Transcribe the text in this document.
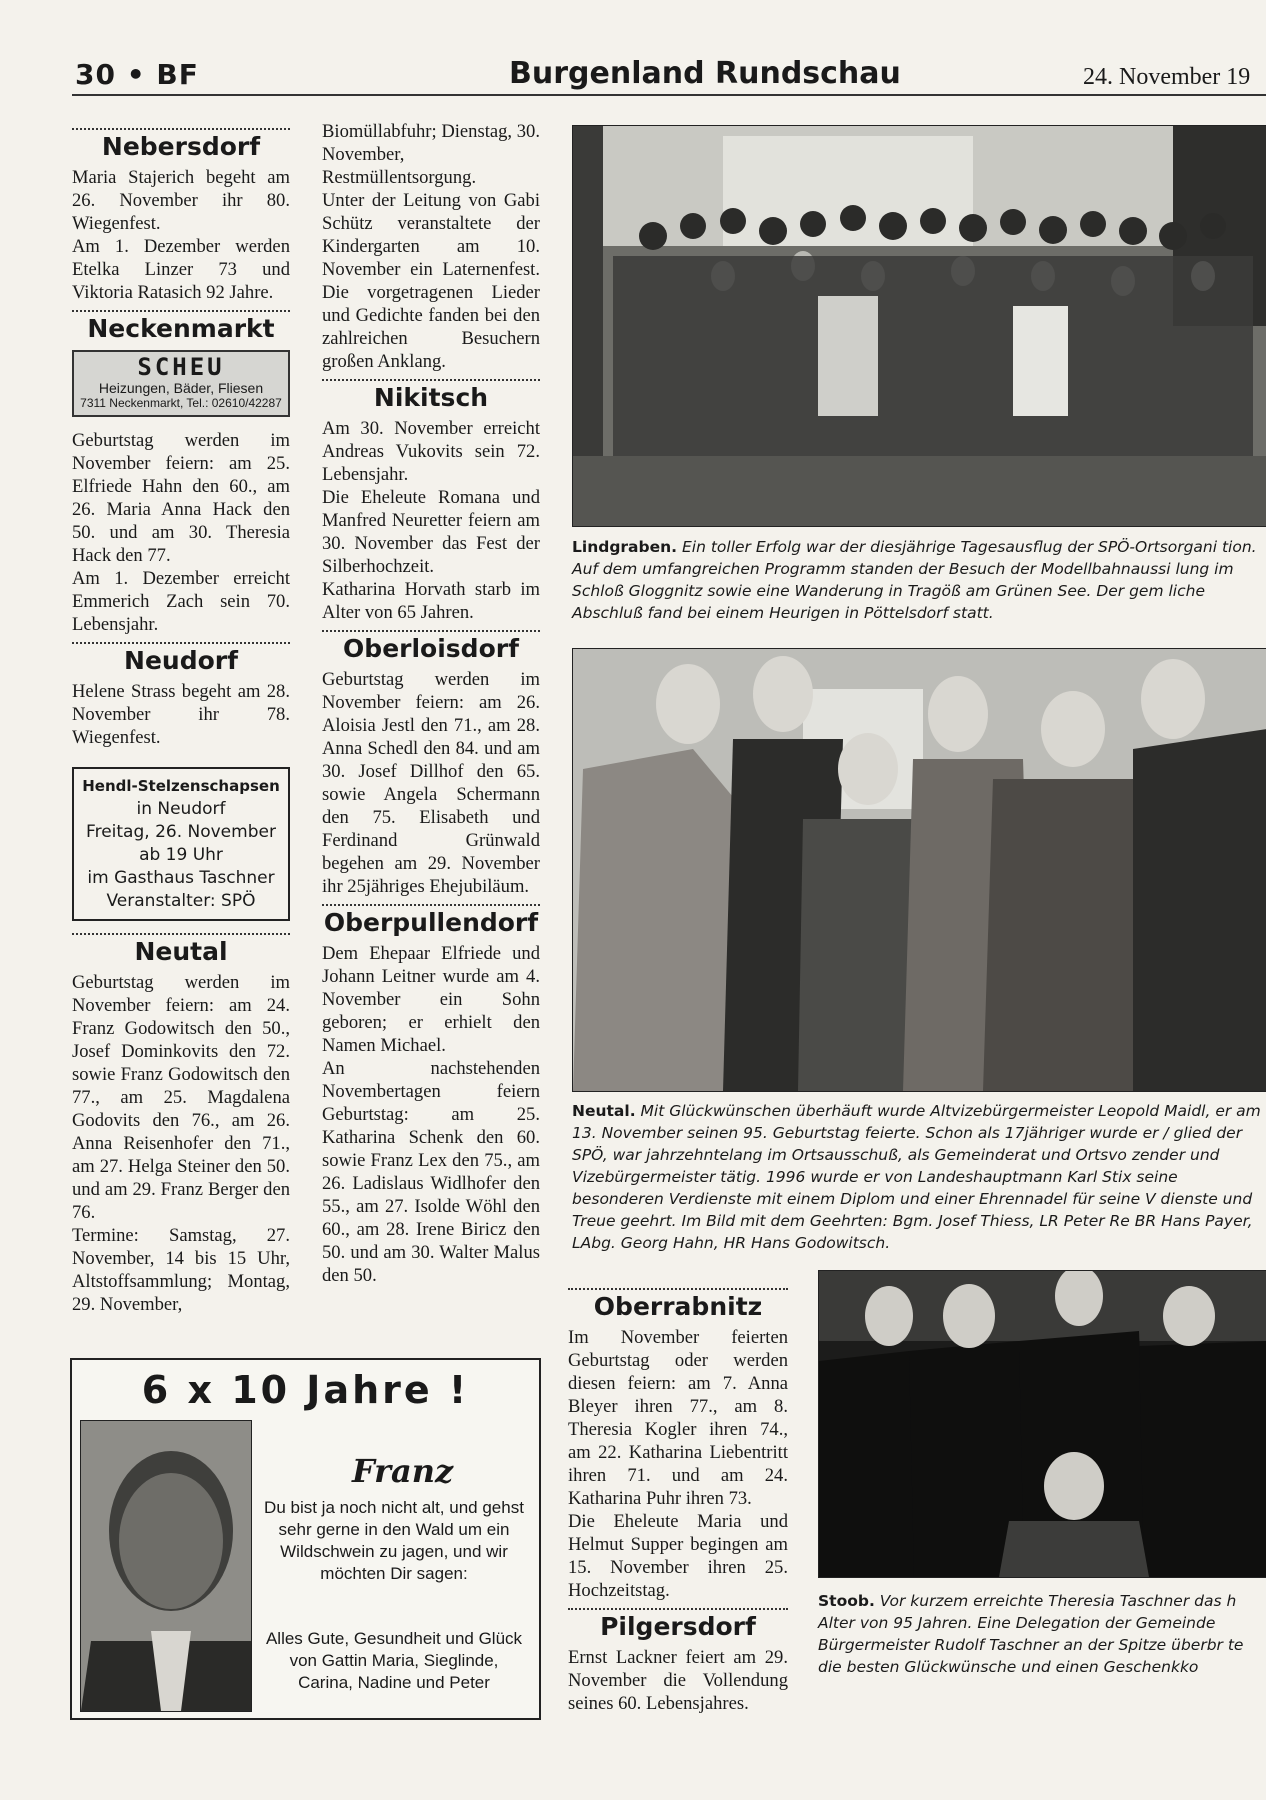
30 • BF	Burgenland Rundschau	24. November 19
Nebersdorf

Maria Stajerich begeht am 26. November ihr 80. Wiegenfest.

Am 1. Dezember werden Etelka Linzer 73 und Viktoria Ratasich 92 Jahre.

Neckenmarkt
SCHEU
Heizungen, Bäder, Fliesen
7311 Neckenmarkt, Tel.: 02610/42287

Geburtstag werden im November feiern: am 25. Elfriede Hahn den 60., am 26. Maria Anna Hack den 50. und am 30. Theresia Hack den 77.

Am 1. Dezember erreicht Emmerich Zach sein 70. Lebensjahr.

Neudorf

Helene Strass begeht am 28. November ihr 78. Wiegenfest.

Hendl-Stelzenschapsen
in Neudorf
Freitag, 26. November
ab 19 Uhr
im Gasthaus Taschner
Veranstalter: SPÖ
Neutal

Geburtstag werden im November feiern: am 24. Franz Godowitsch den 50., Josef Dominkovits den 72. sowie Franz Godowitsch den 77., am 25. Magdalena Godovits den 76., am 26. Anna Reisenhofer den 71., am 27. Helga Steiner den 50. und am 29. Franz Berger den 76.

Termine: Samstag, 27. November, 14 bis 15 Uhr, Altstoffsammlung; Montag, 29. November,

Biomüllabfuhr; Dienstag, 30. November, Restmüllentsorgung.

Unter der Leitung von Gabi Schütz veranstaltete der Kindergarten am 10. November ein Laternenfest. Die vorgetragenen Lieder und Gedichte fanden bei den zahlreichen Besuchern großen Anklang.

Nikitsch

Am 30. November erreicht Andreas Vukovits sein 72. Lebensjahr.

Die Eheleute Romana und Manfred Neuretter feiern am 30. November das Fest der Silberhochzeit.

Katharina Horvath starb im Alter von 65 Jahren.

Oberloisdorf

Geburtstag werden im November feiern: am 26. Aloisia Jestl den 71., am 28. Anna Schedl den 84. und am 30. Josef Dillhof den 65. sowie Angela Schermann den 75. Elisabeth und Ferdinand Grünwald begehen am 29. November ihr 25jähriges Ehejubiläum.

Oberpullendorf

Dem Ehepaar Elfriede und Johann Leitner wurde am 4. November ein Sohn geboren; er erhielt den Namen Michael.

An nachstehenden Novembertagen feiern Geburtstag: am 25. Katharina Schenk den 60. sowie Franz Lex den 75., am 26. Ladislaus Widlhofer den 55., am 27. Isolde Wöhl den 60., am 28. Irene Biricz den 50. und am 30. Walter Malus den 50.

Lindgraben. Ein toller Erfolg war der diesjährige Tagesausflug der SPÖ-Ortsorgani tion. Auf dem umfangreichen Programm standen der Besuch der Modellbahnaussi lung im Schloß Gloggnitz sowie eine Wanderung in Tragöß am Grünen See. Der gem liche Abschluß fand bei einem Heurigen in Pöttelsdorf statt.
Neutal. Mit Glückwünschen überhäuft wurde Altvizebürgermeister Leopold Maidl, er am 13. November seinen 95. Geburtstag feierte. Schon als 17jähriger wurde er / glied der SPÖ, war jahrzehntelang im Ortsausschuß, als Gemeinderat und Ortsvo zender und Vizebürgermeister tätig. 1996 wurde er von Landeshauptmann Karl Stix seine besonderen Verdienste mit einem Diplom und einer Ehrennadel für seine V dienste und Treue geehrt. Im Bild mit dem Geehrten: Bgm. Josef Thiess, LR Peter Re BR Hans Payer, LAbg. Georg Hahn, HR Hans Godowitsch.
Oberrabnitz

Im November feierten Geburtstag oder werden diesen feiern: am 7. Anna Bleyer ihren 77., am 8. Theresia Kogler ihren 74., am 22. Katharina Liebentritt ihren 71. und am 24. Katharina Puhr ihren 73.

Die Eheleute Maria und Helmut Supper begingen am 15. November ihren 25. Hochzeitstag.

Pilgersdorf

Ernst Lackner feiert am 29. November die Vollendung seines 60. Lebensjahres.

Stoob. Vor kurzem erreichte Theresia Taschner das h Alter von 95 Jahren. Eine Delegation der Gemeinde Bürgermeister Rudolf Taschner an der Spitze überbr te die besten Glückwünsche und einen Geschenkko
6 x 10 Jahre !
Franz
Du bist ja noch nicht alt, und gehst sehr gerne in den Wald um ein Wildschwein zu jagen, und wir möchten Dir sagen:
Alles Gute, Gesundheit und Glück von Gattin Maria, Sieglinde, Carina, Nadine und Peter
